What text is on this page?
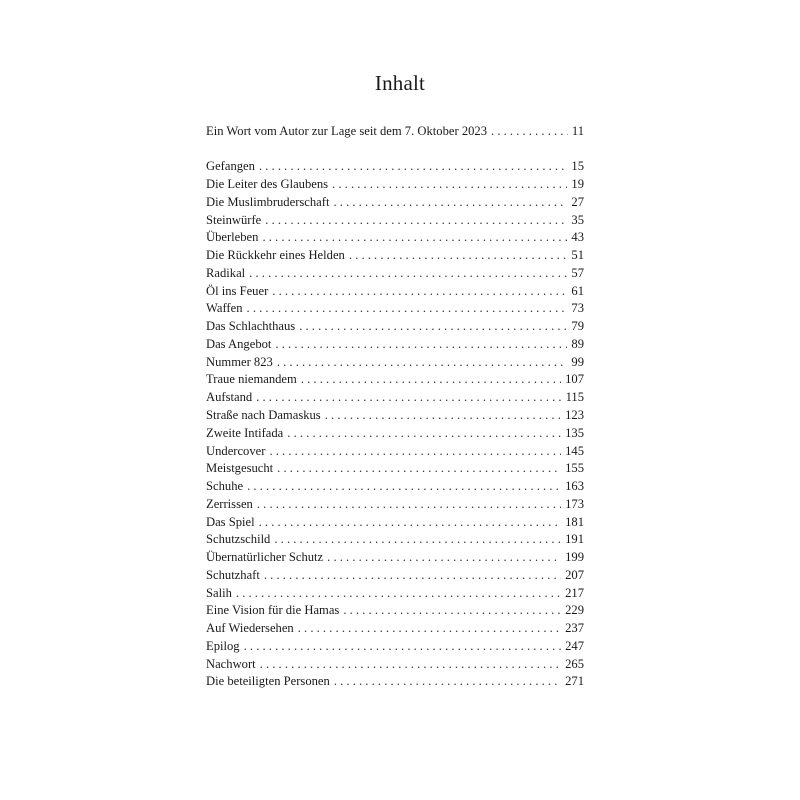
Inhalt
Ein Wort vom Autor zur Lage seit dem 7. Oktober 2023 . . .	11
Gefangen . . .	15
Die Leiter des Glaubens . . .	19
Die Muslimbruderschaft . . .	27
Steinwürfe . . .	35
Überleben . . .	43
Die Rückkehr eines Helden . . .	51
Radikal . . .	57
Öl ins Feuer . . .	61
Waffen . . .	73
Das Schlachthaus . . .	79
Das Angebot . . .	89
Nummer 823 . . .	99
Traue niemandem . . .	107
Aufstand . . .	115
Straße nach Damaskus . . .	123
Zweite Intifada . . .	135
Undercover . . .	145
Meistgesucht . . .	155
Schuhe . . .	163
Zerrissen . . .	173
Das Spiel . . .	181
Schutzschild . . .	191
Übernatürlicher Schutz . . .	199
Schutzhaft . . .	207
Salih . . .	217
Eine Vision für die Hamas . . .	229
Auf Wiedersehen . . .	237
Epilog . . .	247
Nachwort . . .	265
Die beteiligten Personen . . .	271
